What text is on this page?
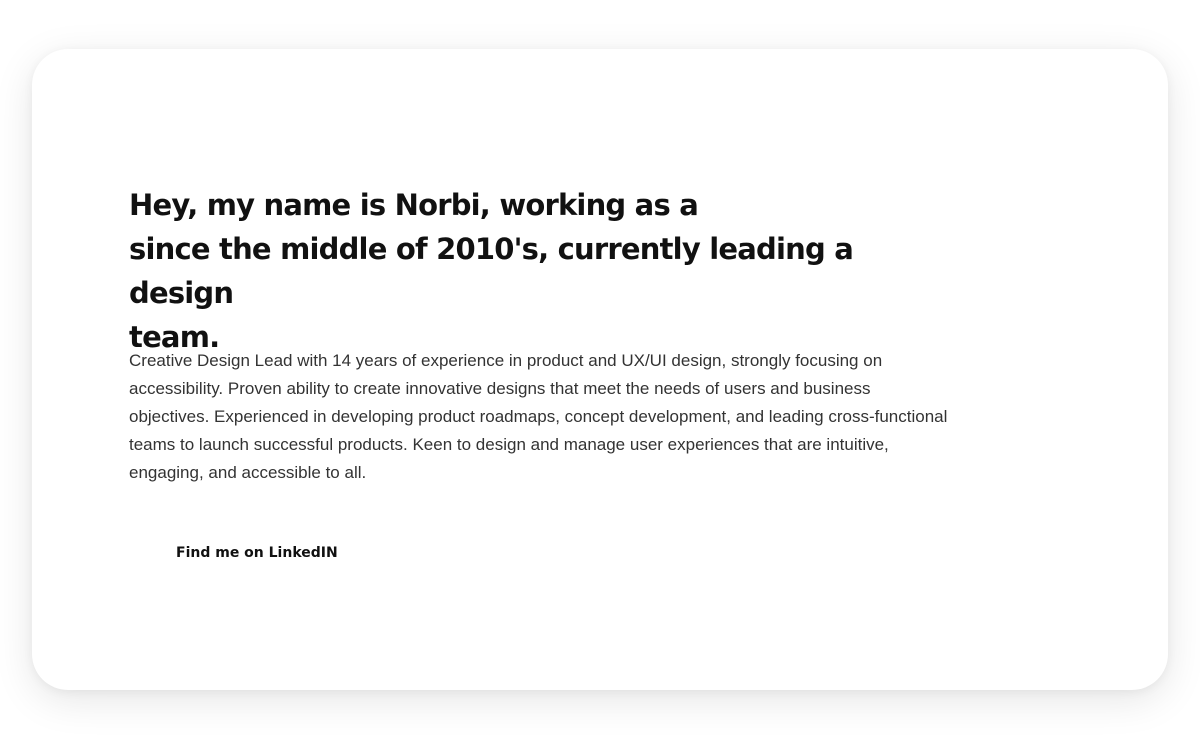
Hey, my name is Norbi, working as a
since the middle of 2010's, currently leading a design
team.

Creative Design Lead with 14 years of experience in product and UX/UI design, strongly focusing on accessibility. Proven ability to create innovative designs that meet the needs of users and business objectives. Experienced in developing product roadmaps, concept development, and leading cross-functional teams to launch successful products. Keen to design and manage user experiences that are intuitive, engaging, and accessible to all.

Find me on LinkedIN
